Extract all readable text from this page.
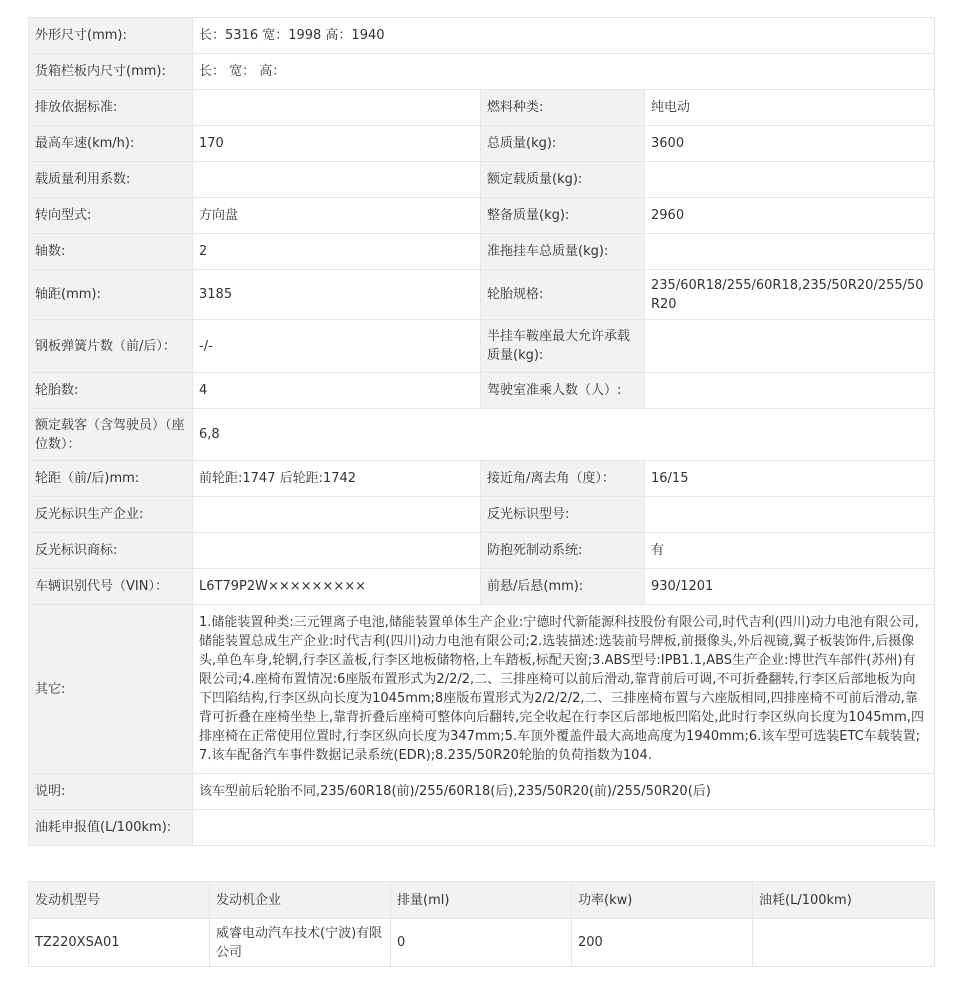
外形尺寸(mm):	长：5316 宽：1998 高：1940		
货箱栏板内尺寸(mm):	长： 宽： 高：		
排放依据标准:		燃料种类:	纯电动
最高车速(km/h):	170	总质量(kg):	3600
载质量利用系数:		额定载质量(kg):	
转向型式:	方向盘	整备质量(kg):	2960
轴数:	2	准拖挂车总质量(kg):	
轴距(mm):	3185	轮胎规格:	235/60R18/255/60R18,235/50R20/255/50R20
钢板弹簧片数（前/后）：	-/-	半挂车鞍座最大允许承载质量(kg):	
轮胎数:	4	驾驶室准乘人数（人）:	
额定载客（含驾驶员）（座位数）：	6,8		
轮距（前/后)mm:	前轮距:1747 后轮距:1742	接近角/离去角（度）：	16/15
反光标识生产企业:		反光标识型号:	
反光标识商标:		防抱死制动系统:	有
车辆识别代号（VIN）：	L6T79P2W×××××××××	前悬/后悬(mm):	930/1201
其它:	1.储能装置种类:三元锂离子电池,储能装置单体生产企业:宁德时代新能源科技股份有限公司,时代吉利(四川)动力电池有限公司,储能装置总成生产企业:时代吉利(四川)动力电池有限公司;2.选装描述:选装前号牌板,前摄像头,外后视镜,翼子板装饰件,后摄像头,单色车身,轮辋,行李区盖板,行李区地板储物格,上车踏板,标配天窗;3.ABS型号:IPB1.1,ABS生产企业:博世汽车部件(苏州)有限公司;4.座椅布置情况:6座版布置形式为2/2/2,二、三排座椅可以前后滑动,靠背前后可调,不可折叠翻转,行李区后部地板为向下凹陷结构,行李区纵向长度为1045mm;8座版布置形式为2/2/2/2,二、三排座椅布置与六座版相同,四排座椅不可前后滑动,靠背可折叠在座椅坐垫上,靠背折叠后座椅可整体向后翻转,完全收起在行李区后部地板凹陷处,此时行李区纵向长度为1045mm,四排座椅在正常使用位置时,行李区纵向长度为347mm;5.车顶外覆盖件最大高地高度为1940mm;6.该车型可选装ETC车载装置;7.该车配备汽车事件数据记录系统(EDR);8.235/50R20轮胎的负荷指数为104.		
说明:	该车型前后轮胎不同,235/60R18(前)/255/60R18(后),235/50R20(前)/255/50R20(后)		
油耗申报值(L/100km):			
发动机型号	发动机企业	排量(ml)	功率(kw)	油耗(L/100km)
TZ220XSA01	威睿电动汽车技术(宁波)有限公司	0	200	
